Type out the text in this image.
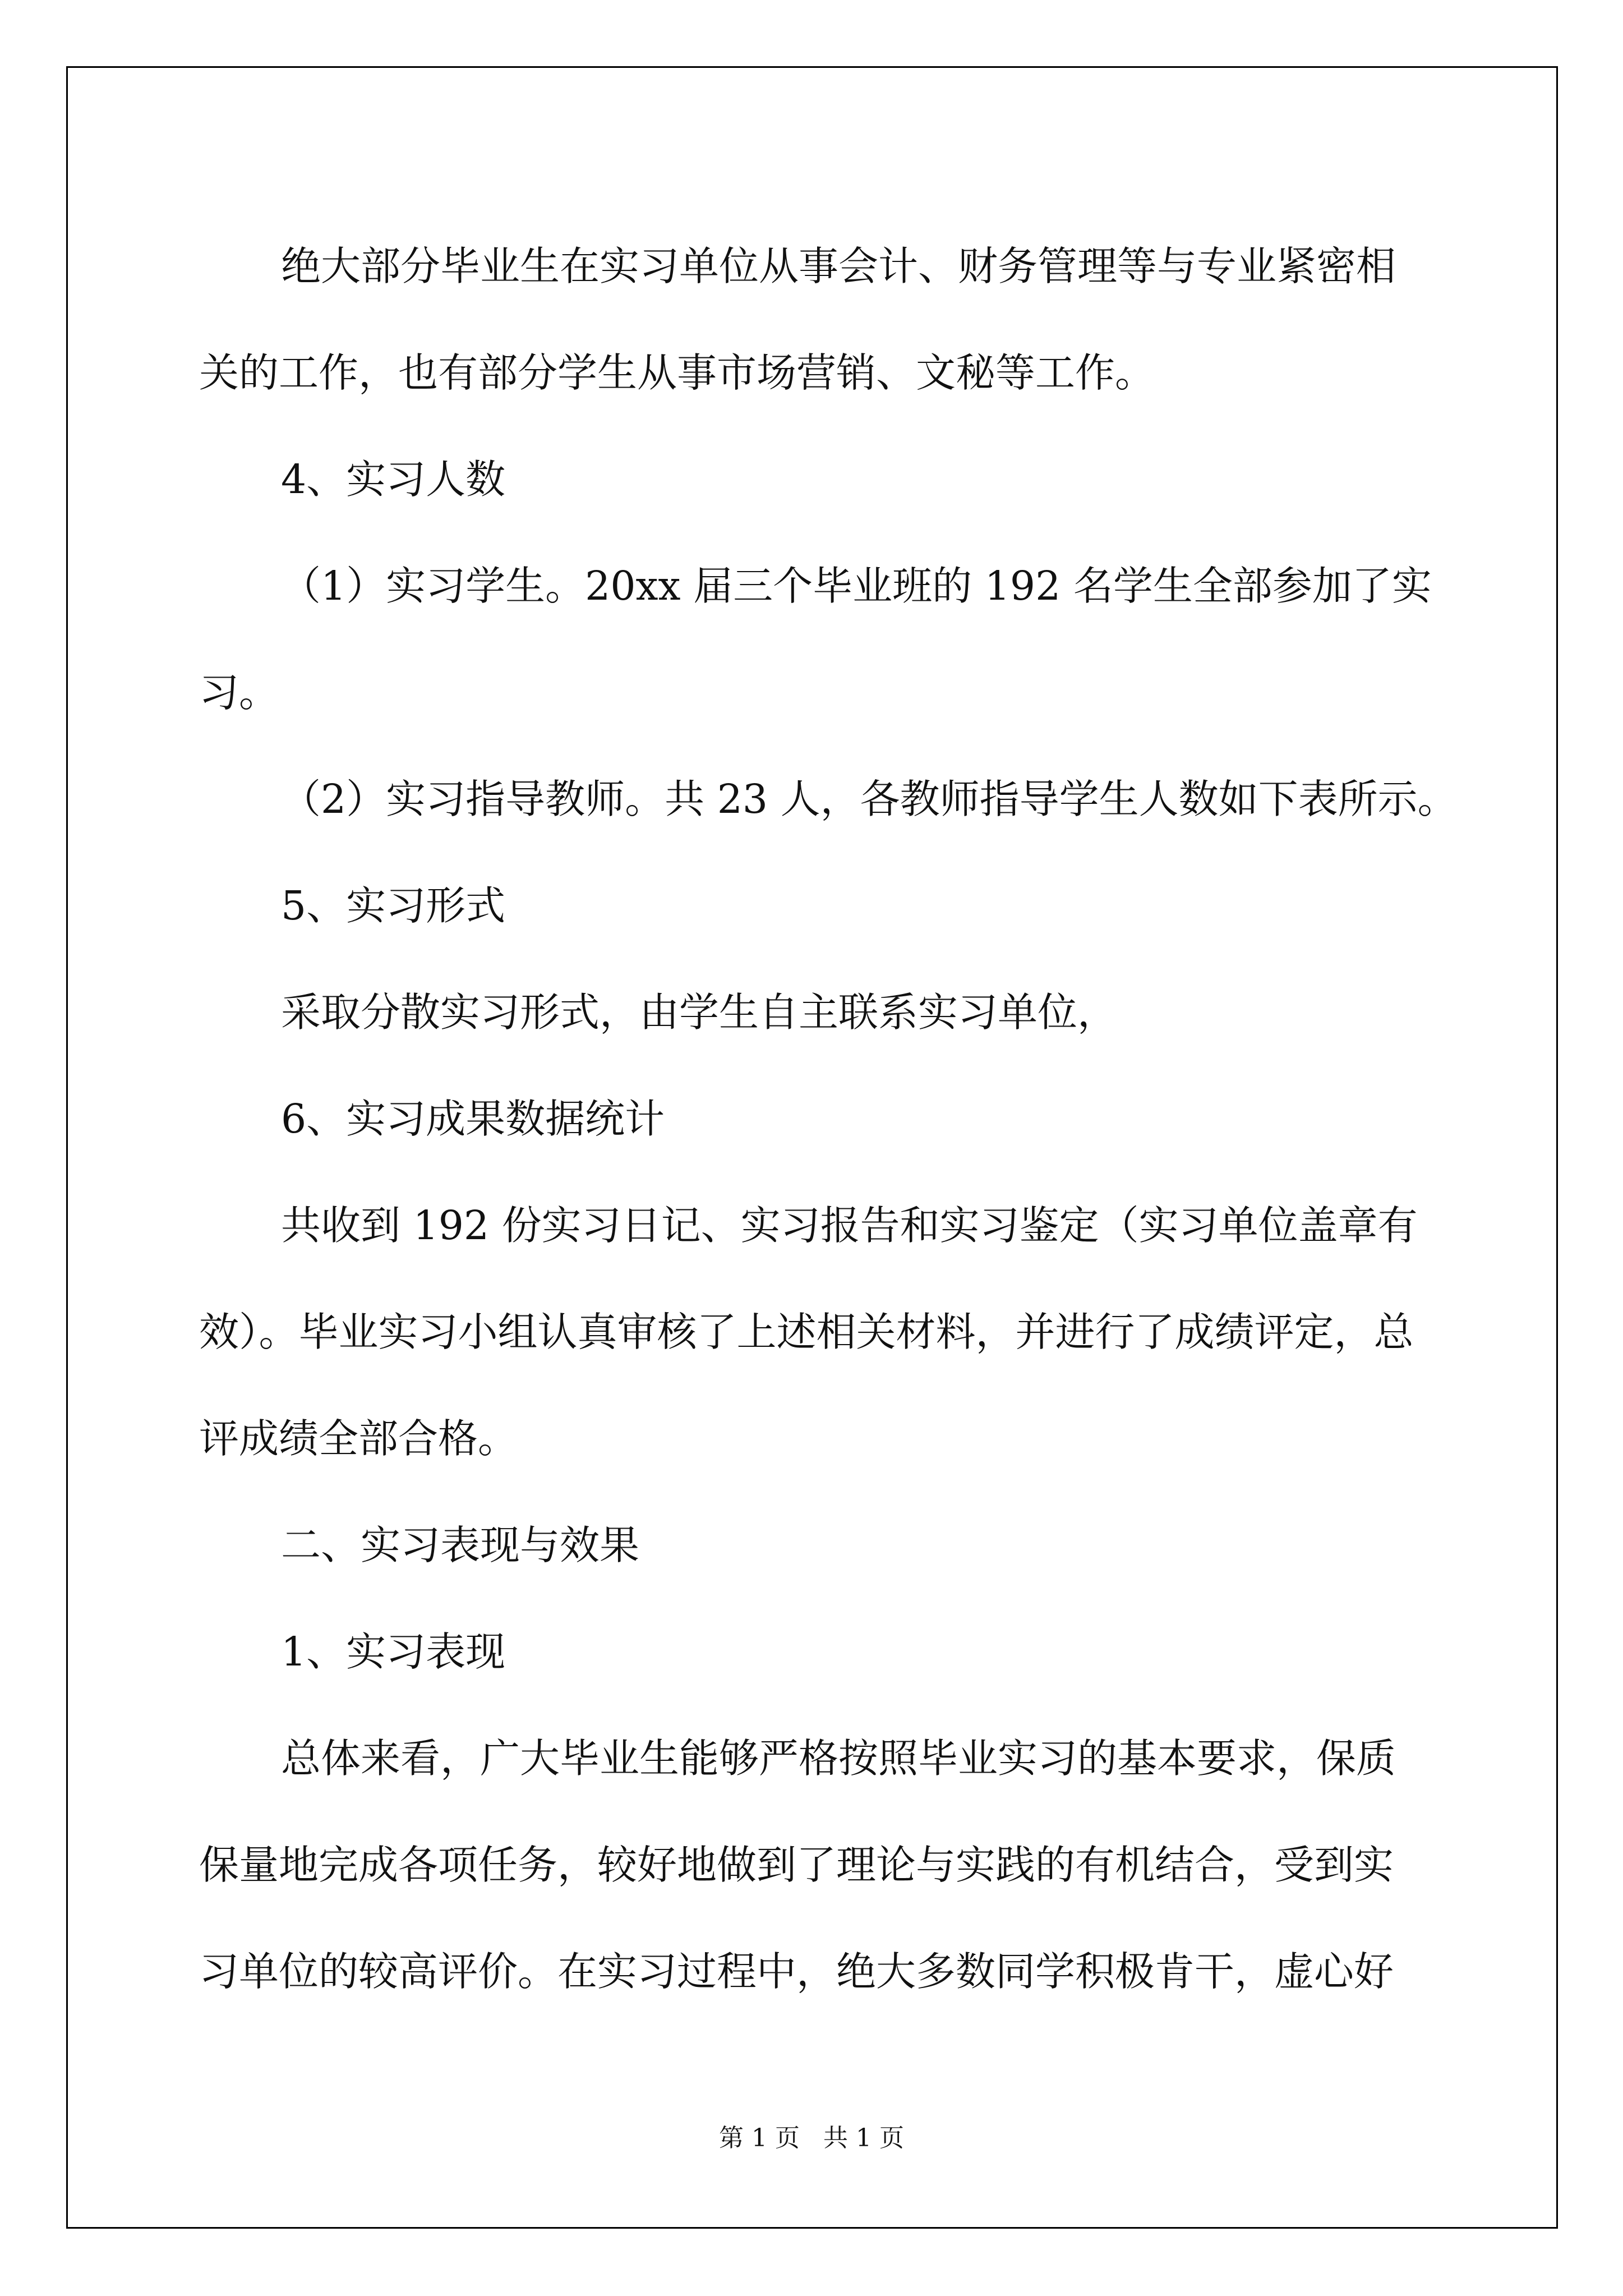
绝大部分毕业生在实习单位从事会计、财务管理等与专业紧密相
关的工作，也有部分学生从事市场营销、文秘等工作。
4、实习人数
（1）实习学生。20xx 届三个毕业班的 192 名学生全部参加了实
习。
（2）实习指导教师。共 23 人，各教师指导学生人数如下表所示。
5、实习形式
采取分散实习形式，由学生自主联系实习单位，
6、实习成果数据统计
共收到 192 份实习日记、实习报告和实习鉴定（实习单位盖章有
效）。毕业实习小组认真审核了上述相关材料，并进行了成绩评定，总
评成绩全部合格。
二、实习表现与效果
1、实习表现
总体来看，广大毕业生能够严格按照毕业实习的基本要求，保质
保量地完成各项任务，较好地做到了理论与实践的有机结合，受到实
习单位的较高评价。在实习过程中，绝大多数同学积极肯干，虚心好
第 1 页   共 1 页
